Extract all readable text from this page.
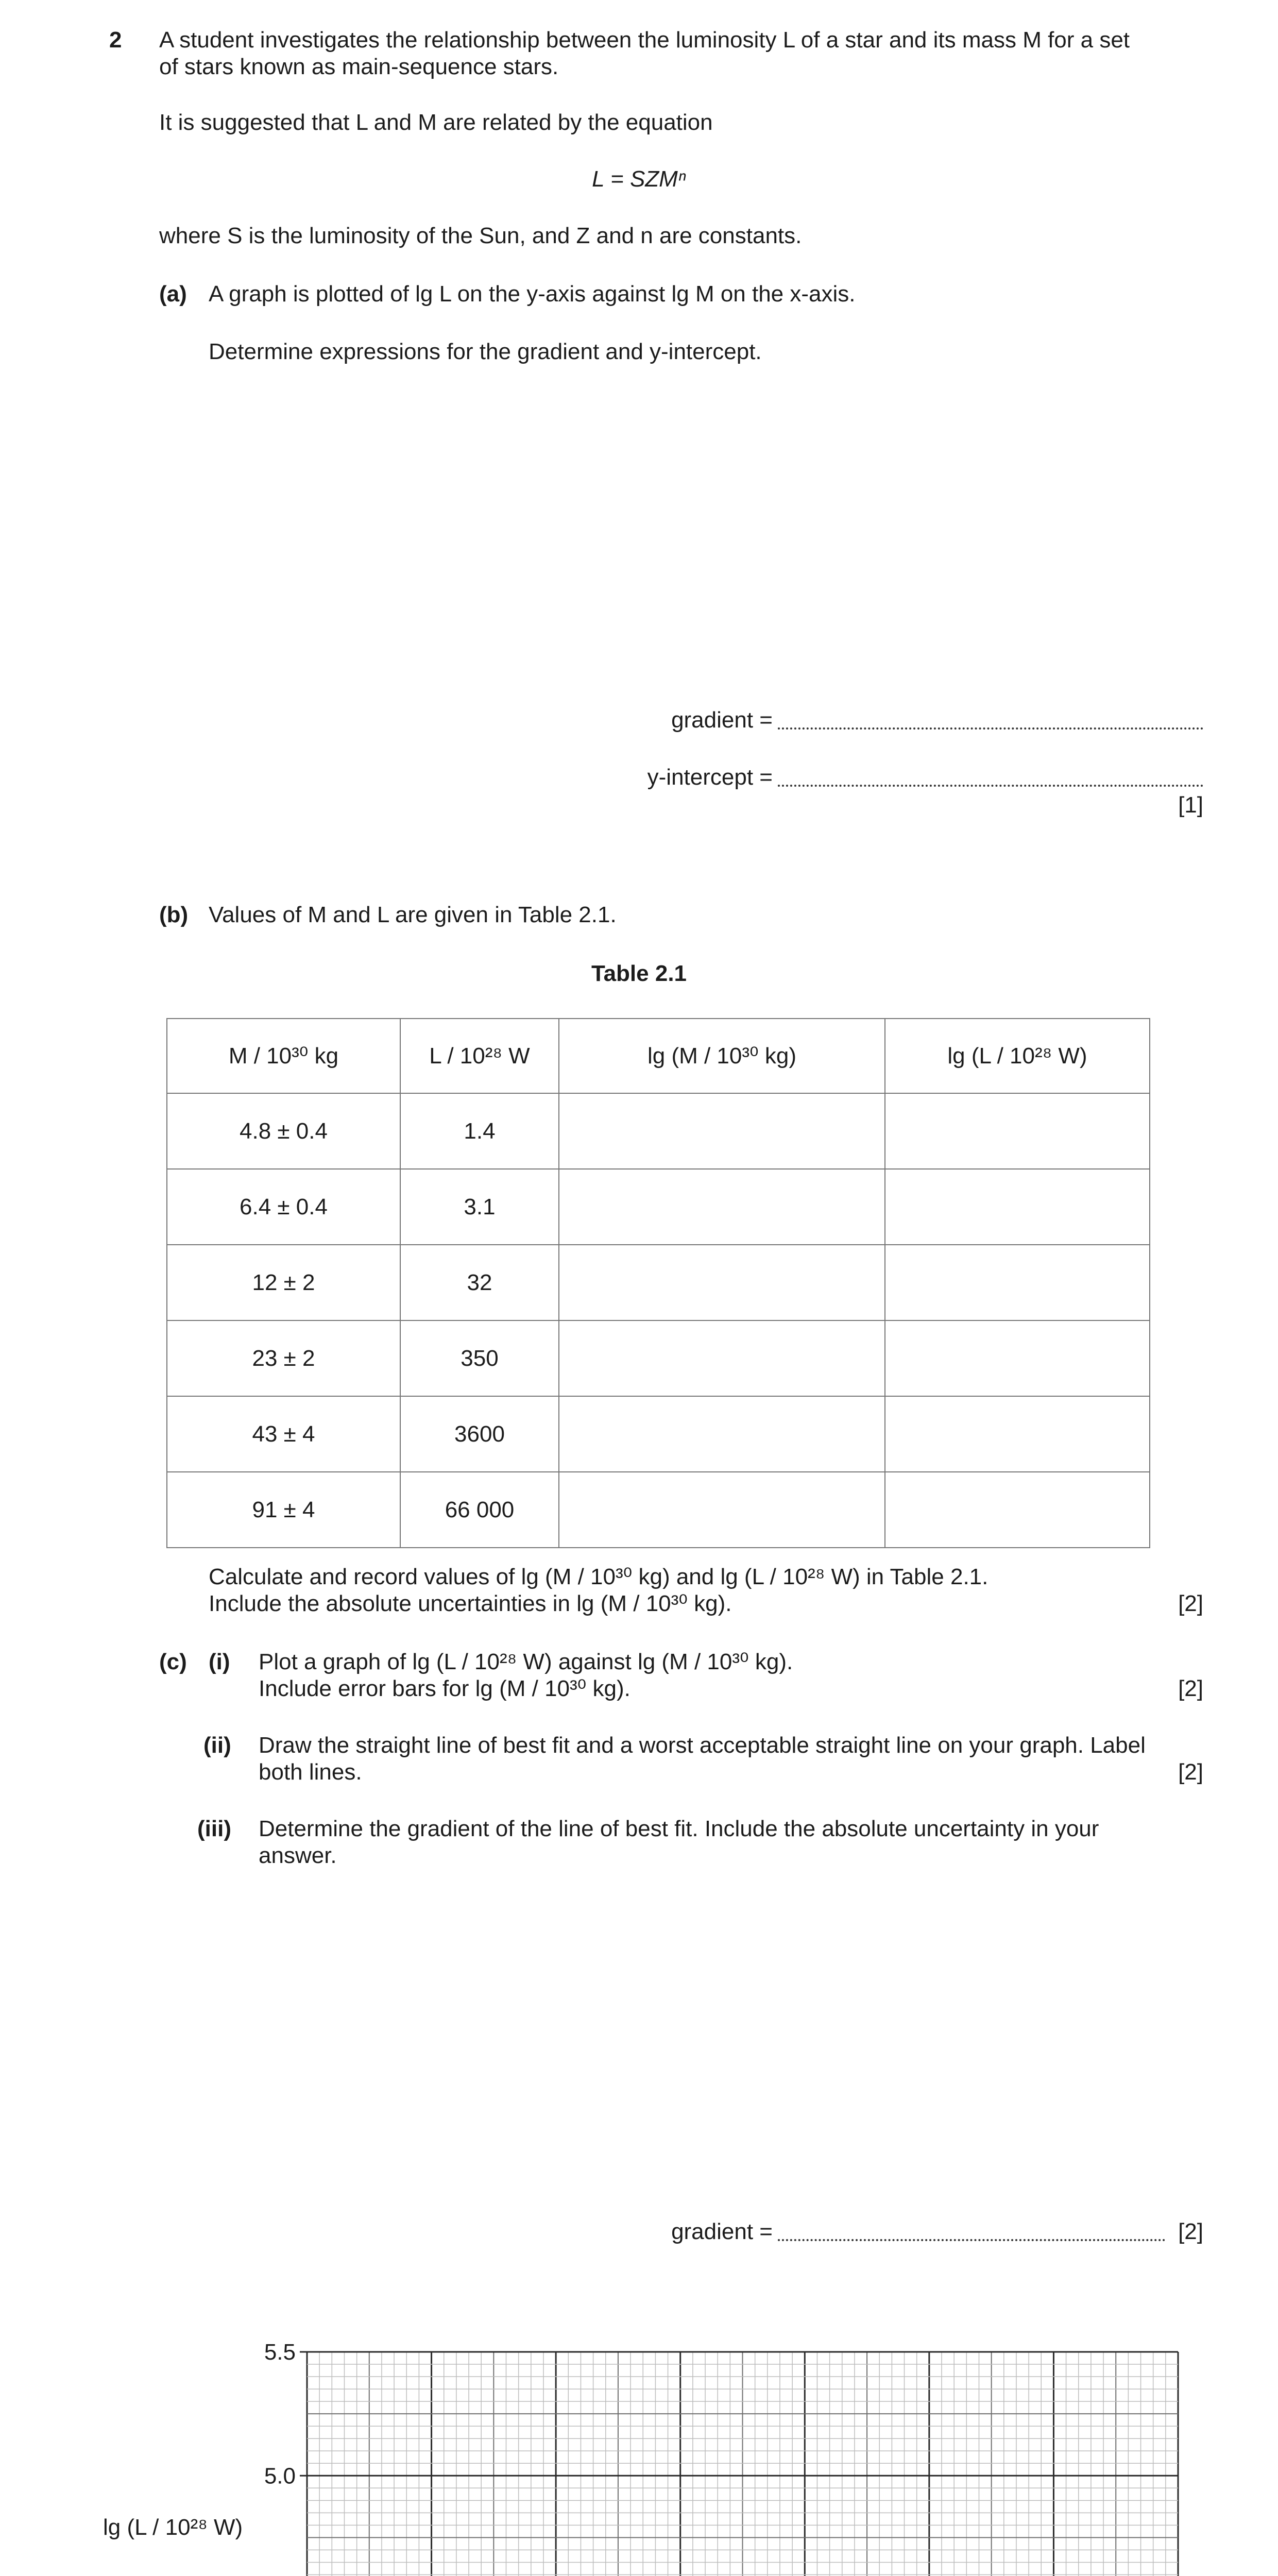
2 A student investigates the relationship between the luminosity L of a star and its mass M for a set
of stars known as main-sequence stars.
It is suggested that L and M are related by the equation
L = SZMⁿ
where S is the luminosity of the Sun, and Z and n are constants.
(a) A graph is plotted of lg L on the y-axis against lg M on the x-axis.
Determine expressions for the gradient and y-intercept.
gradient =
y-intercept =
[1]
(b) Values of M and L are given in Table 2.1.
Table 2.1
M / 10³⁰ kg	L / 10²⁸ W	lg (M / 10³⁰ kg)	lg (L / 10²⁸ W)
4.8 ± 0.4	1.4		
6.4 ± 0.4	3.1		
12 ± 2	32		
23 ± 2	350		
43 ± 4	3600		
91 ± 4	66 000		
Calculate and record values of lg (M / 10³⁰ kg) and lg (L / 10²⁸ W) in Table 2.1.
Include the absolute uncertainties in lg (M / 10³⁰ kg).	[2]
(c) (i) Plot a graph of lg (L / 10²⁸ W) against lg (M / 10³⁰ kg).
Include error bars for lg (M / 10³⁰ kg).	[2]
(ii) Draw the straight line of best fit and a worst acceptable straight line on your graph. Label
both lines.	[2]
(iii) Determine the gradient of the line of best fit. Include the absolute uncertainty in your
answer.
gradient =	[2]
5.0
5.5
lg (L / 10²⁸ W)
